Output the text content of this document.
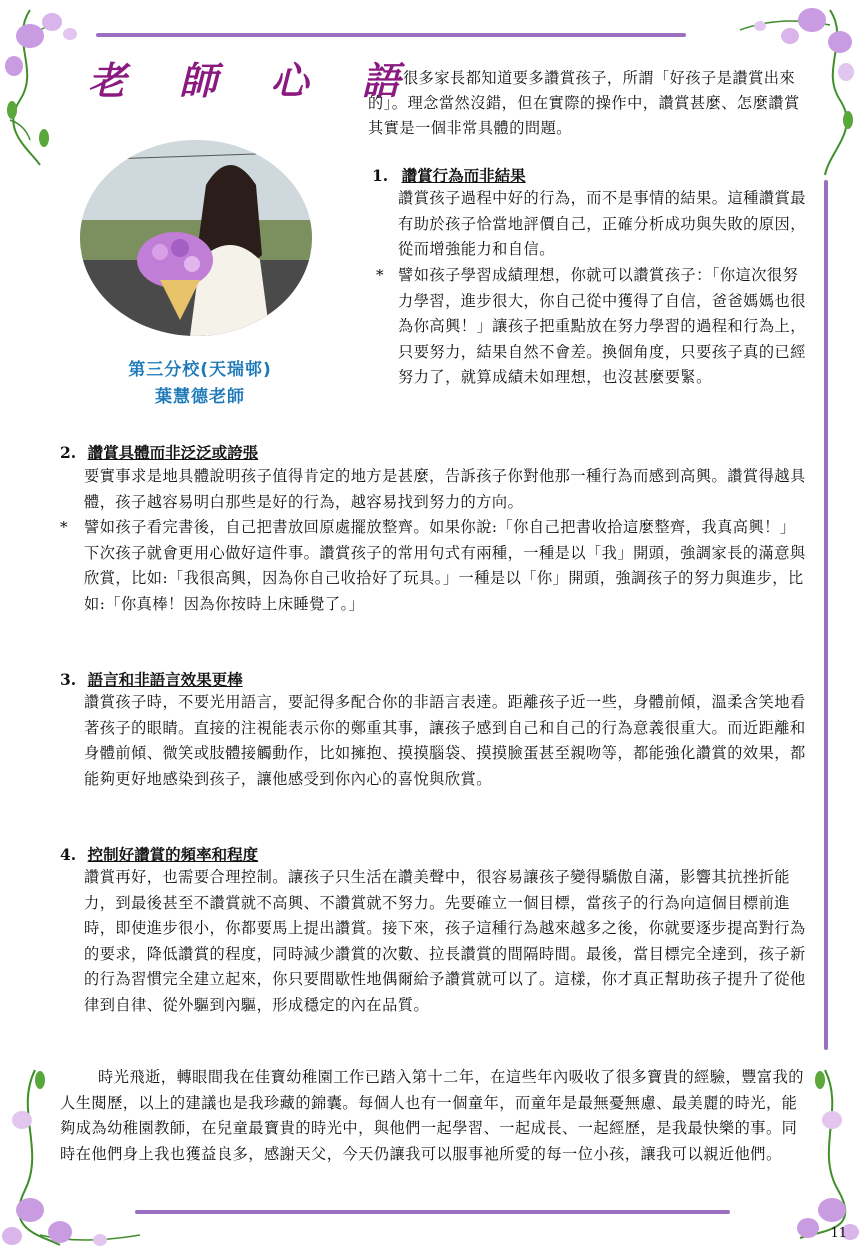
老 師 心 語
很多家長都知道要多讚賞孩子，所謂「好孩子是讚賞出來的」。理念當然沒錯，但在實際的操作中，讚賞甚麼、怎麼讚賞其實是一個非常具體的問題。
第三分校(天瑞邨)
葉慧德老師
1. 讚賞行為而非結果
讚賞孩子過程中好的行為，而不是事情的結果。這種讚賞最有助於孩子恰當地評價自己，正確分析成功與失敗的原因，從而增強能力和自信。
* 譬如孩子學習成績理想，你就可以讚賞孩子：「你這次很努力學習，進步很大，你自己從中獲得了自信，爸爸媽媽也很為你高興！」讓孩子把重點放在努力學習的過程和行為上，只要努力，結果自然不會差。換個角度，只要孩子真的已經努力了，就算成績未如理想，也沒甚麼要緊。
2. 讚賞具體而非泛泛或誇張
要實事求是地具體說明孩子值得肯定的地方是甚麼，告訴孩子你對他那一種行為而感到高興。讚賞得越具體，孩子越容易明白那些是好的行為，越容易找到努力的方向。
* 譬如孩子看完書後，自己把書放回原處擺放整齊。如果你說:「你自己把書收拾這麼整齊，我真高興！」下次孩子就會更用心做好這件事。讚賞孩子的常用句式有兩種，一種是以「我」開頭，強調家長的滿意與欣賞，比如:「我很高興，因為你自己收拾好了玩具。」一種是以「你」開頭，強調孩子的努力與進步，比如:「你真棒！因為你按時上床睡覺了。」
3. 語言和非語言效果更棒
讚賞孩子時，不要光用語言，要記得多配合你的非語言表達。距離孩子近一些，身體前傾，溫柔含笑地看著孩子的眼睛。直接的注視能表示你的鄭重其事，讓孩子感到自己和自己的行為意義很重大。而近距離和身體前傾、微笑或肢體接觸動作，比如擁抱、摸摸腦袋、摸摸臉蛋甚至親吻等，都能強化讚賞的效果，都能夠更好地感染到孩子，讓他感受到你內心的喜悅與欣賞。
4. 控制好讚賞的頻率和程度
讚賞再好，也需要合理控制。讓孩子只生活在讚美聲中，很容易讓孩子變得驕傲自滿，影響其抗挫折能力，到最後甚至不讚賞就不高興、不讚賞就不努力。先要確立一個目標，當孩子的行為向這個目標前進時，即使進步很小，你都要馬上提出讚賞。接下來，孩子這種行為越來越多之後，你就要逐步提高對行為的要求，降低讚賞的程度，同時減少讚賞的次數、拉長讚賞的間隔時間。最後，當目標完全達到，孩子新的行為習慣完全建立起來，你只要間歇性地偶爾給予讚賞就可以了。這樣，你才真正幫助孩子提升了從他律到自律、從外驅到內驅，形成穩定的內在品質。
時光飛逝，轉眼間我在佳寶幼稚園工作已踏入第十二年，在這些年內吸收了很多寶貴的經驗，豐富我的人生閱歷，以上的建議也是我珍藏的錦囊。每個人也有一個童年，而童年是最無憂無慮、最美麗的時光，能夠成為幼稚園教師，在兒童最寶貴的時光中，與他們一起學習、一起成長、一起經歷，是我最快樂的事。同時在他們身上我也獲益良多，感謝天父，今天仍讓我可以服事祂所愛的每一位小孩，讓我可以親近他們。
11
